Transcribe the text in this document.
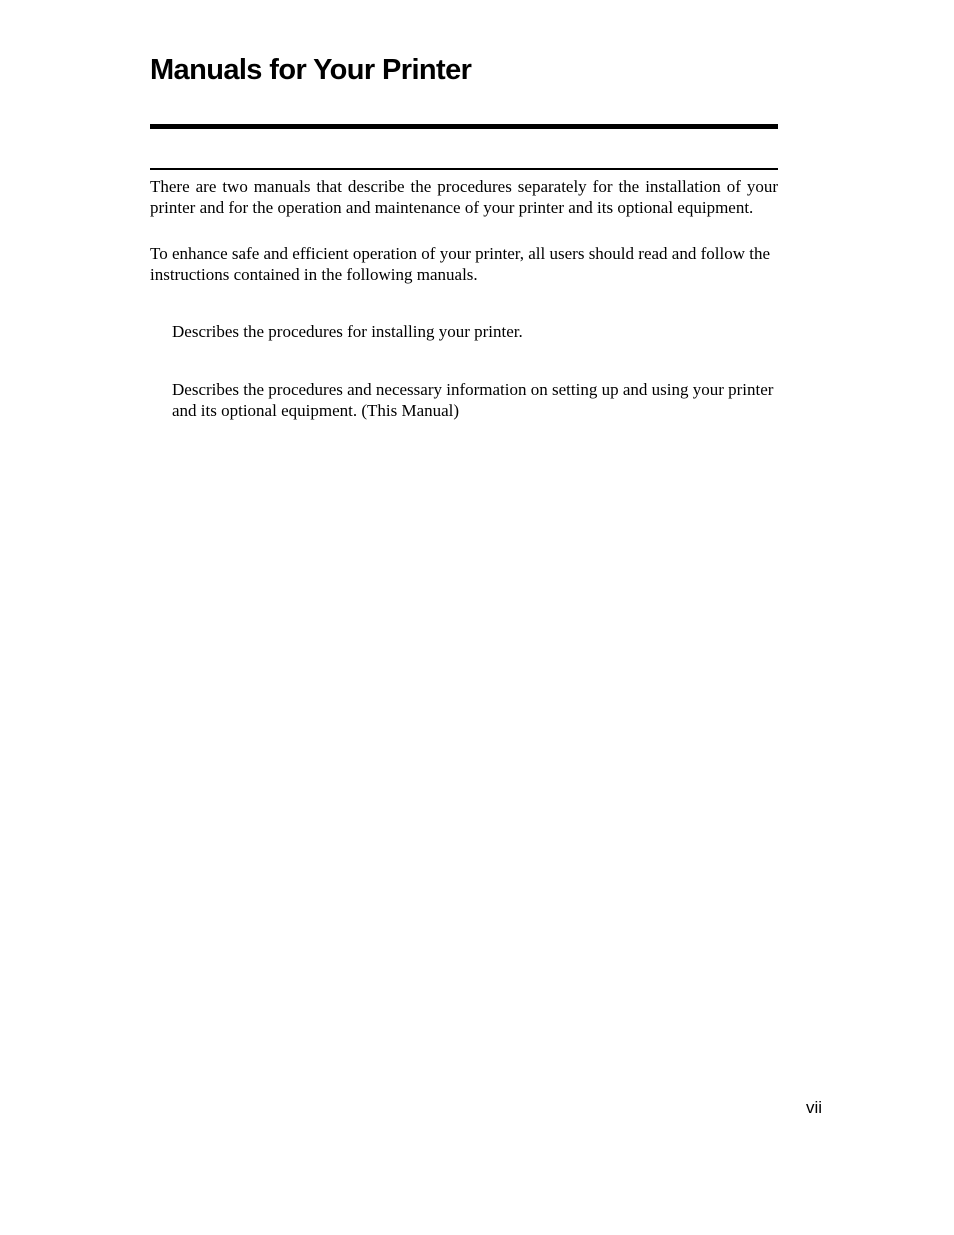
Manuals for Your Printer

There are two manuals that describe the procedures separately for the installation of your printer and for the operation and maintenance of your printer and its optional equipment.

To enhance safe and efficient operation of your printer, all users should read and follow the instructions contained in the following manuals.

Describes the procedures for installing your printer.

Describes the procedures and necessary information on setting up and using your printer and its optional equipment. (This Manual)

vii
